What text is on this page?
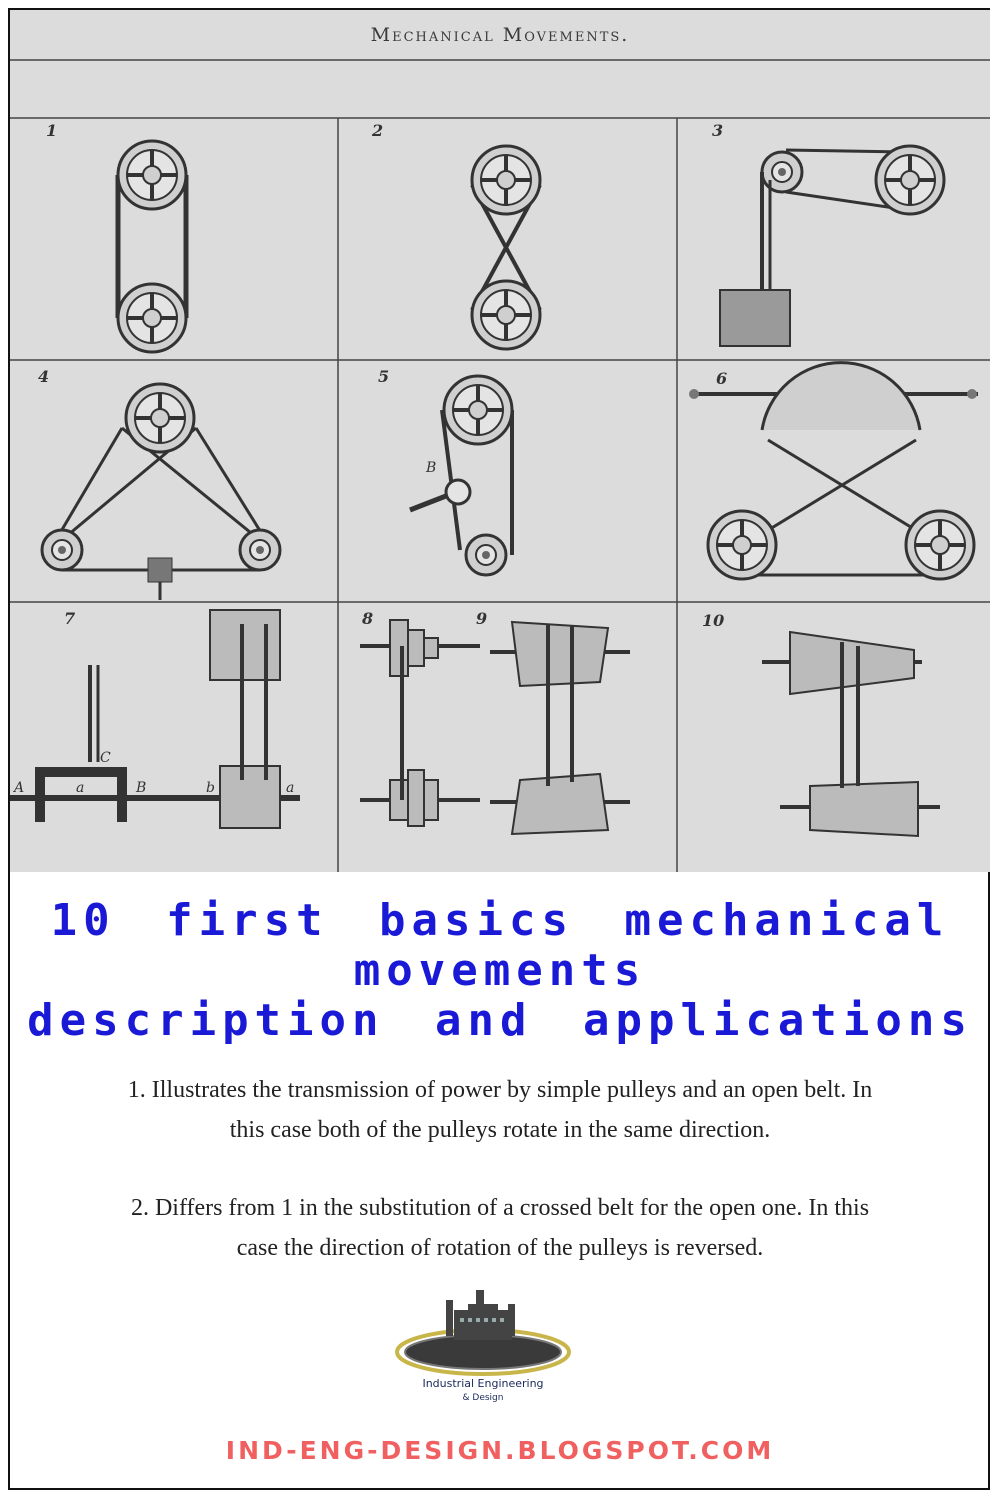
Mechanical Movements.
1	2	3
4	5	6
7	8	9	10
B
A	a
C
B	b	a
10 first basics mechanical movements
description and applications
1. Illustrates the transmission of power by simple pulleys and an open belt. In
this case both of the pulleys rotate in the same direction.
2. Differs from 1 in the substitution of a crossed belt for the open one. In this
case the direction of rotation of the pulleys is reversed.
Industrial Engineering
& Design
IND-ENG-DESIGN.BLOGSPOT.COM
